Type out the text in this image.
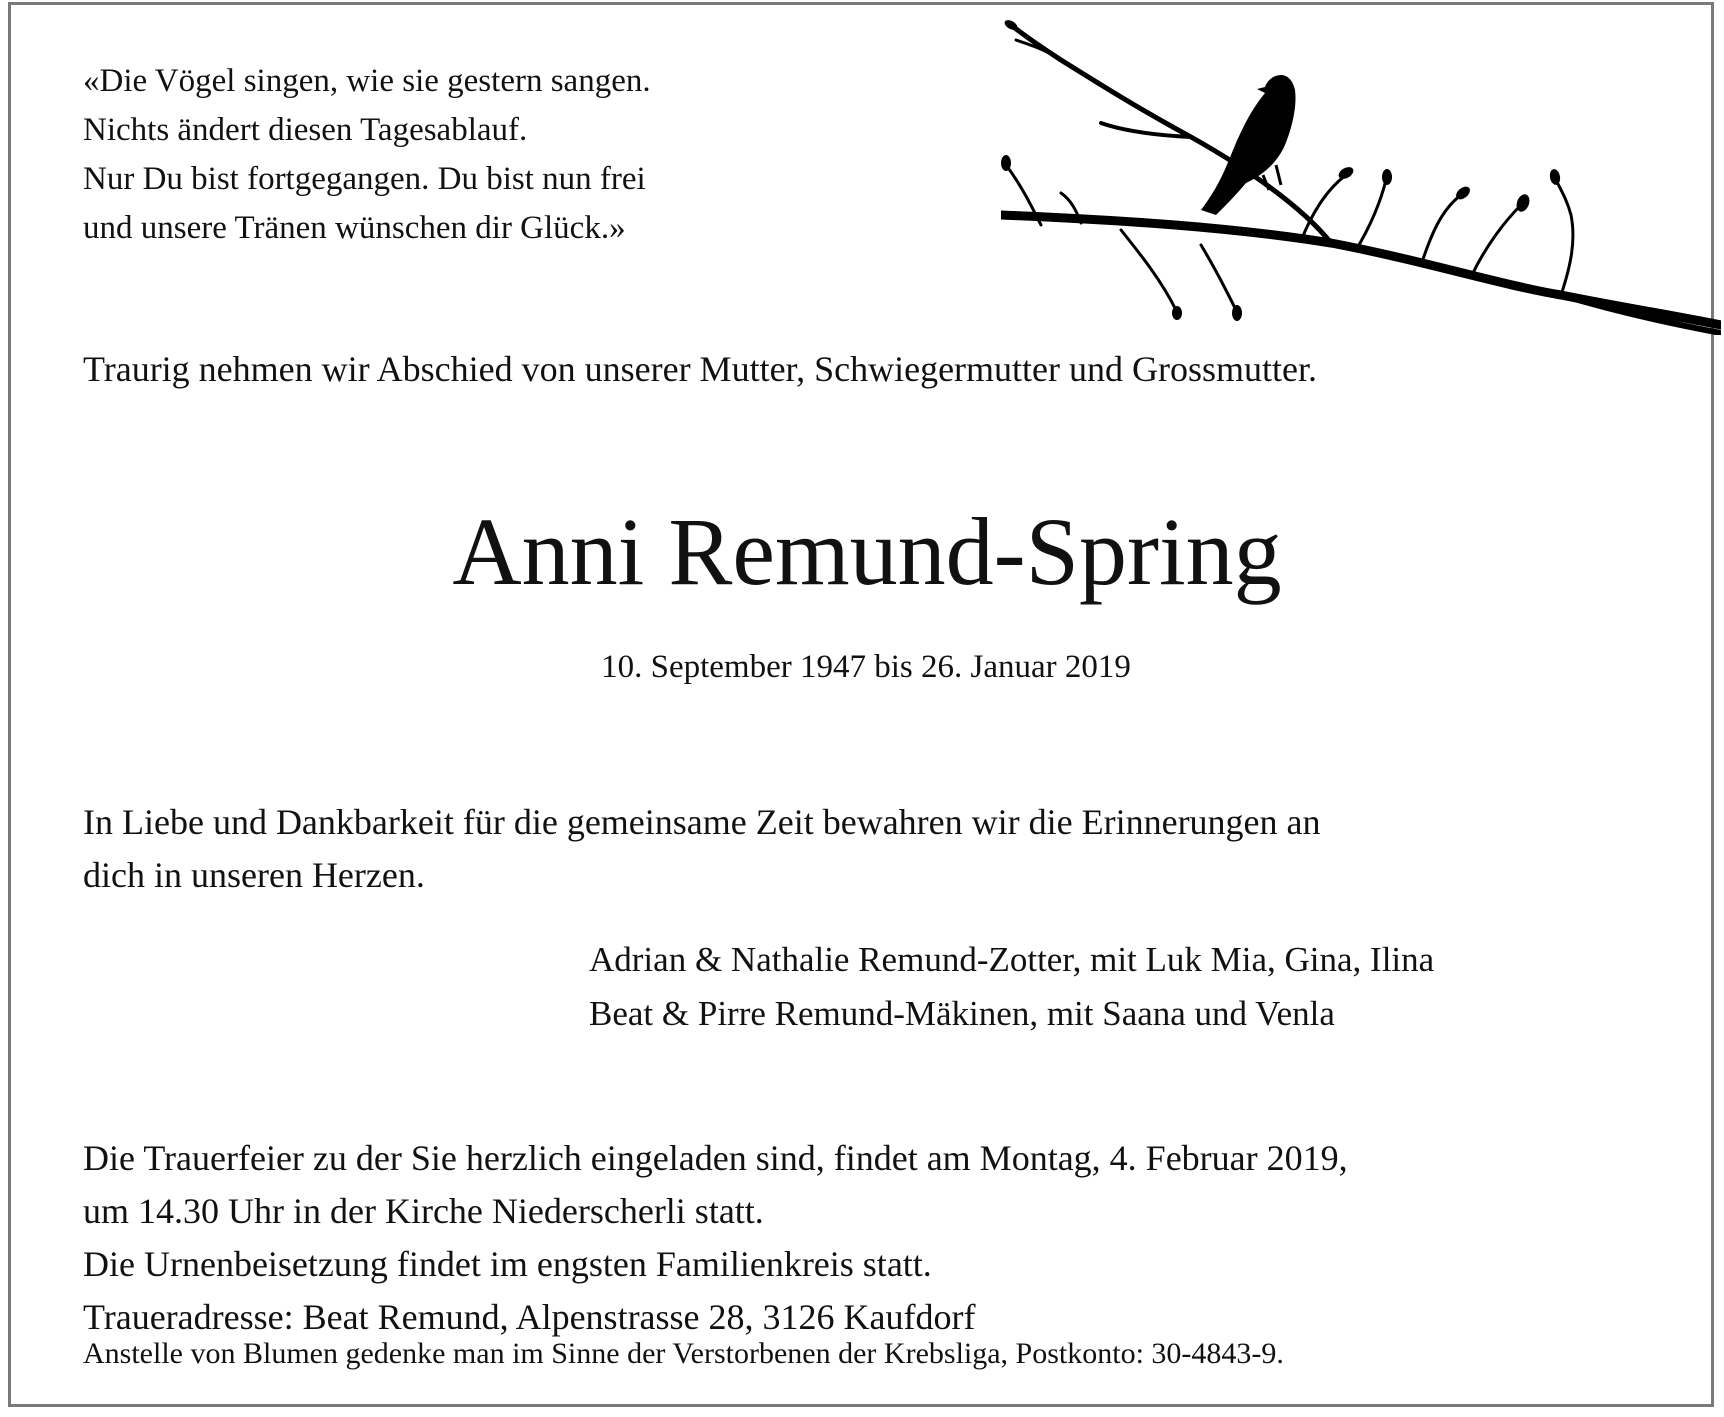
«Die Vögel singen, wie sie gestern sangen.
Nichts ändert diesen Tagesablauf.
Nur Du bist fortgegangen. Du bist nun frei
und unsere Tränen wünschen dir Glück.»
Traurig nehmen wir Abschied von unserer Mutter, Schwiegermutter und Grossmutter.
Anni Remund-Spring
10. September 1947 bis 26. Januar 2019
In Liebe und Dankbarkeit für die gemeinsame Zeit bewahren wir die Erinnerungen an
dich in unseren Herzen.
Adrian & Nathalie Remund-Zotter, mit Luk Mia, Gina, Ilina
Beat & Pirre Remund-Mäkinen, mit Saana und Venla
Die Trauerfeier zu der Sie herzlich eingeladen sind, findet am Montag, 4. Februar 2019,
um 14.30 Uhr in der Kirche Niederscherli statt.
Die Urnenbeisetzung findet im engsten Familienkreis statt.
Traueradresse: Beat Remund, Alpenstrasse 28, 3126 Kaufdorf
Anstelle von Blumen gedenke man im Sinne der Verstorbenen der Krebsliga, Postkonto: 30-4843-9.
